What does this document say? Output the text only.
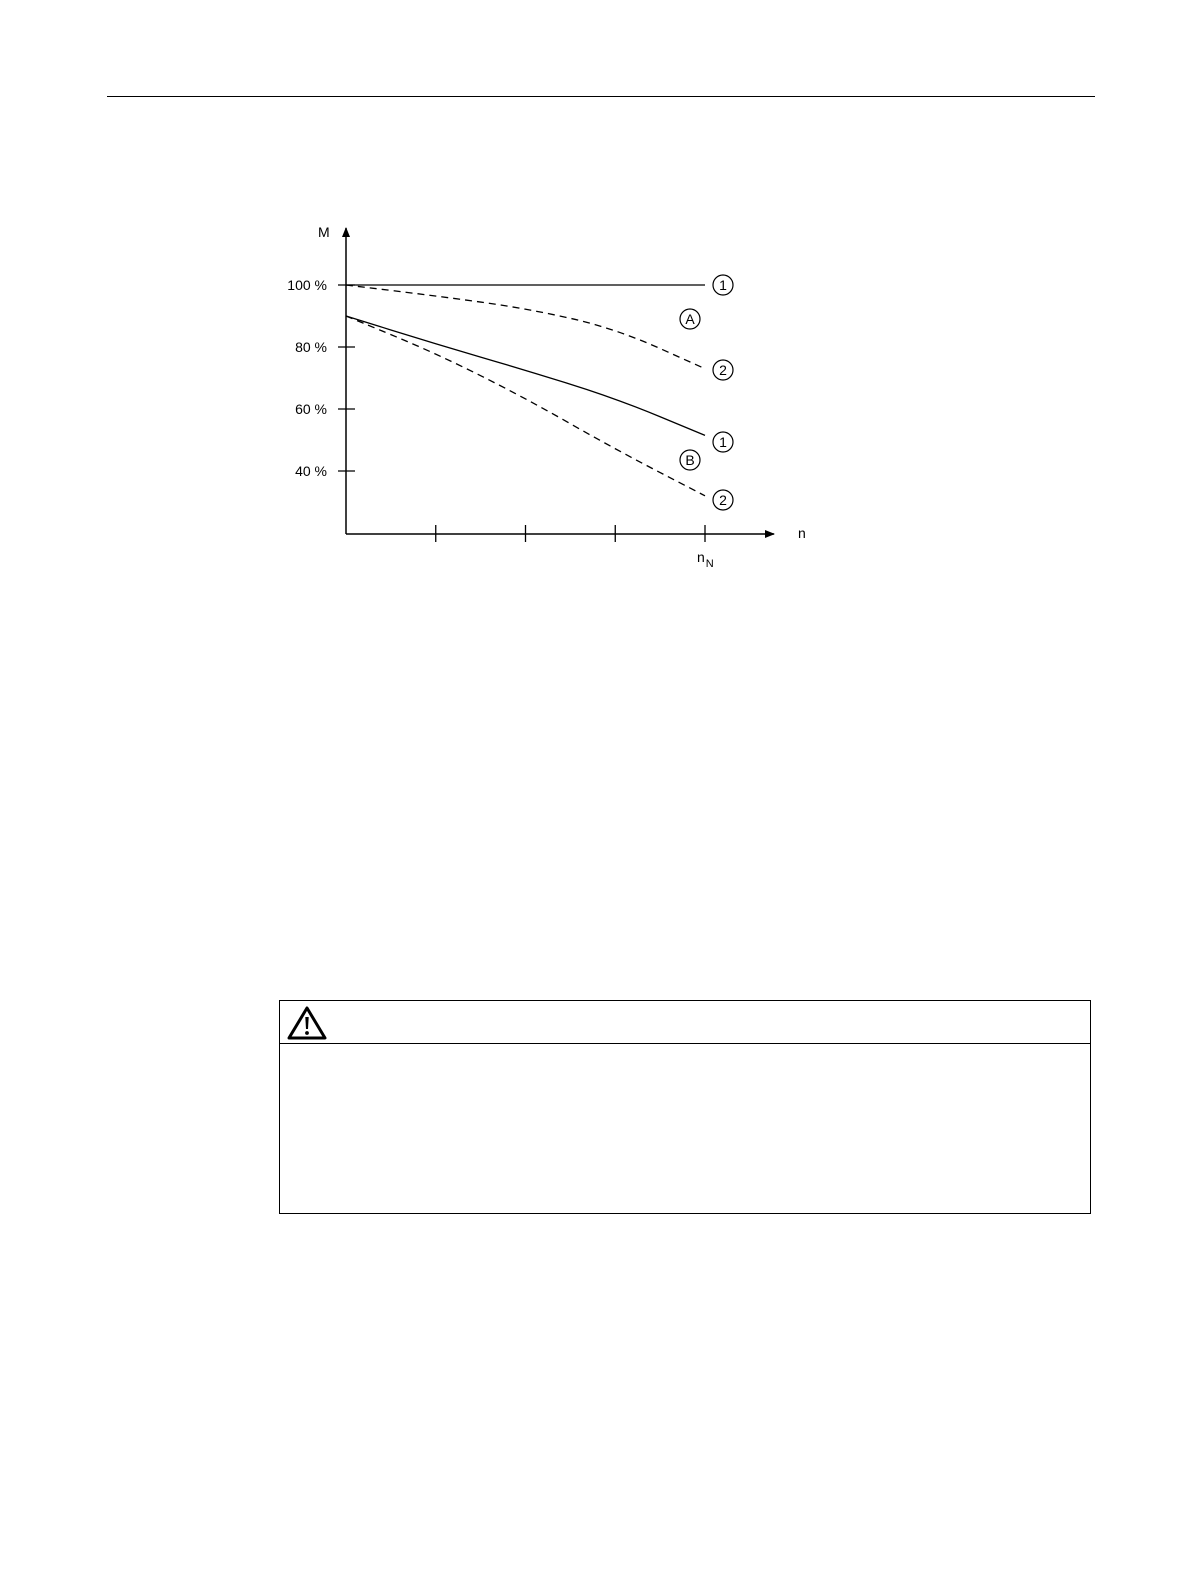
M
n
40 %
60 %
80 %
100 %	1
2
1
2
A
B
$n_N$
